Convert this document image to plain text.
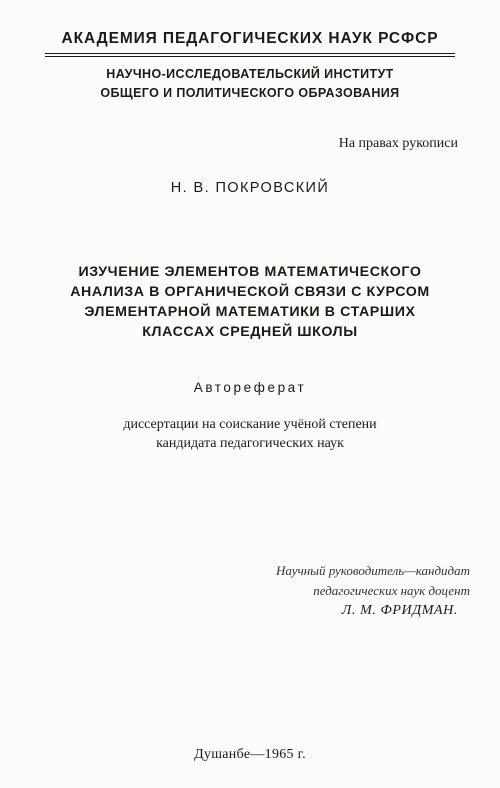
АКАДЕМИЯ ПЕДАГОГИЧЕСКИХ НАУК РСФСР
НАУЧНО-ИССЛЕДОВАТЕЛЬСКИЙ ИНСТИТУТ
ОБЩЕГО И ПОЛИТИЧЕСКОГО ОБРАЗОВАНИЯ
На правах рукописи
Н. В. ПОКРОВСКИЙ
ИЗУЧЕНИЕ ЭЛЕМЕНТОВ МАТЕМАТИЧЕСКОГО
АНАЛИЗА В ОРГАНИЧЕСКОЙ СВЯЗИ С КУРСОМ
ЭЛЕМЕНТАРНОЙ МАТЕМАТИКИ В СТАРШИХ
КЛАССАХ СРЕДНЕЙ ШКОЛЫ
Автореферат
диссертации на соискание учёной степени
кандидата педагогических наук
Научный руководитель—кандидат
педагогических наук доцент
Л. М. ФРИДМАН.
Душанбе—1965 г.
